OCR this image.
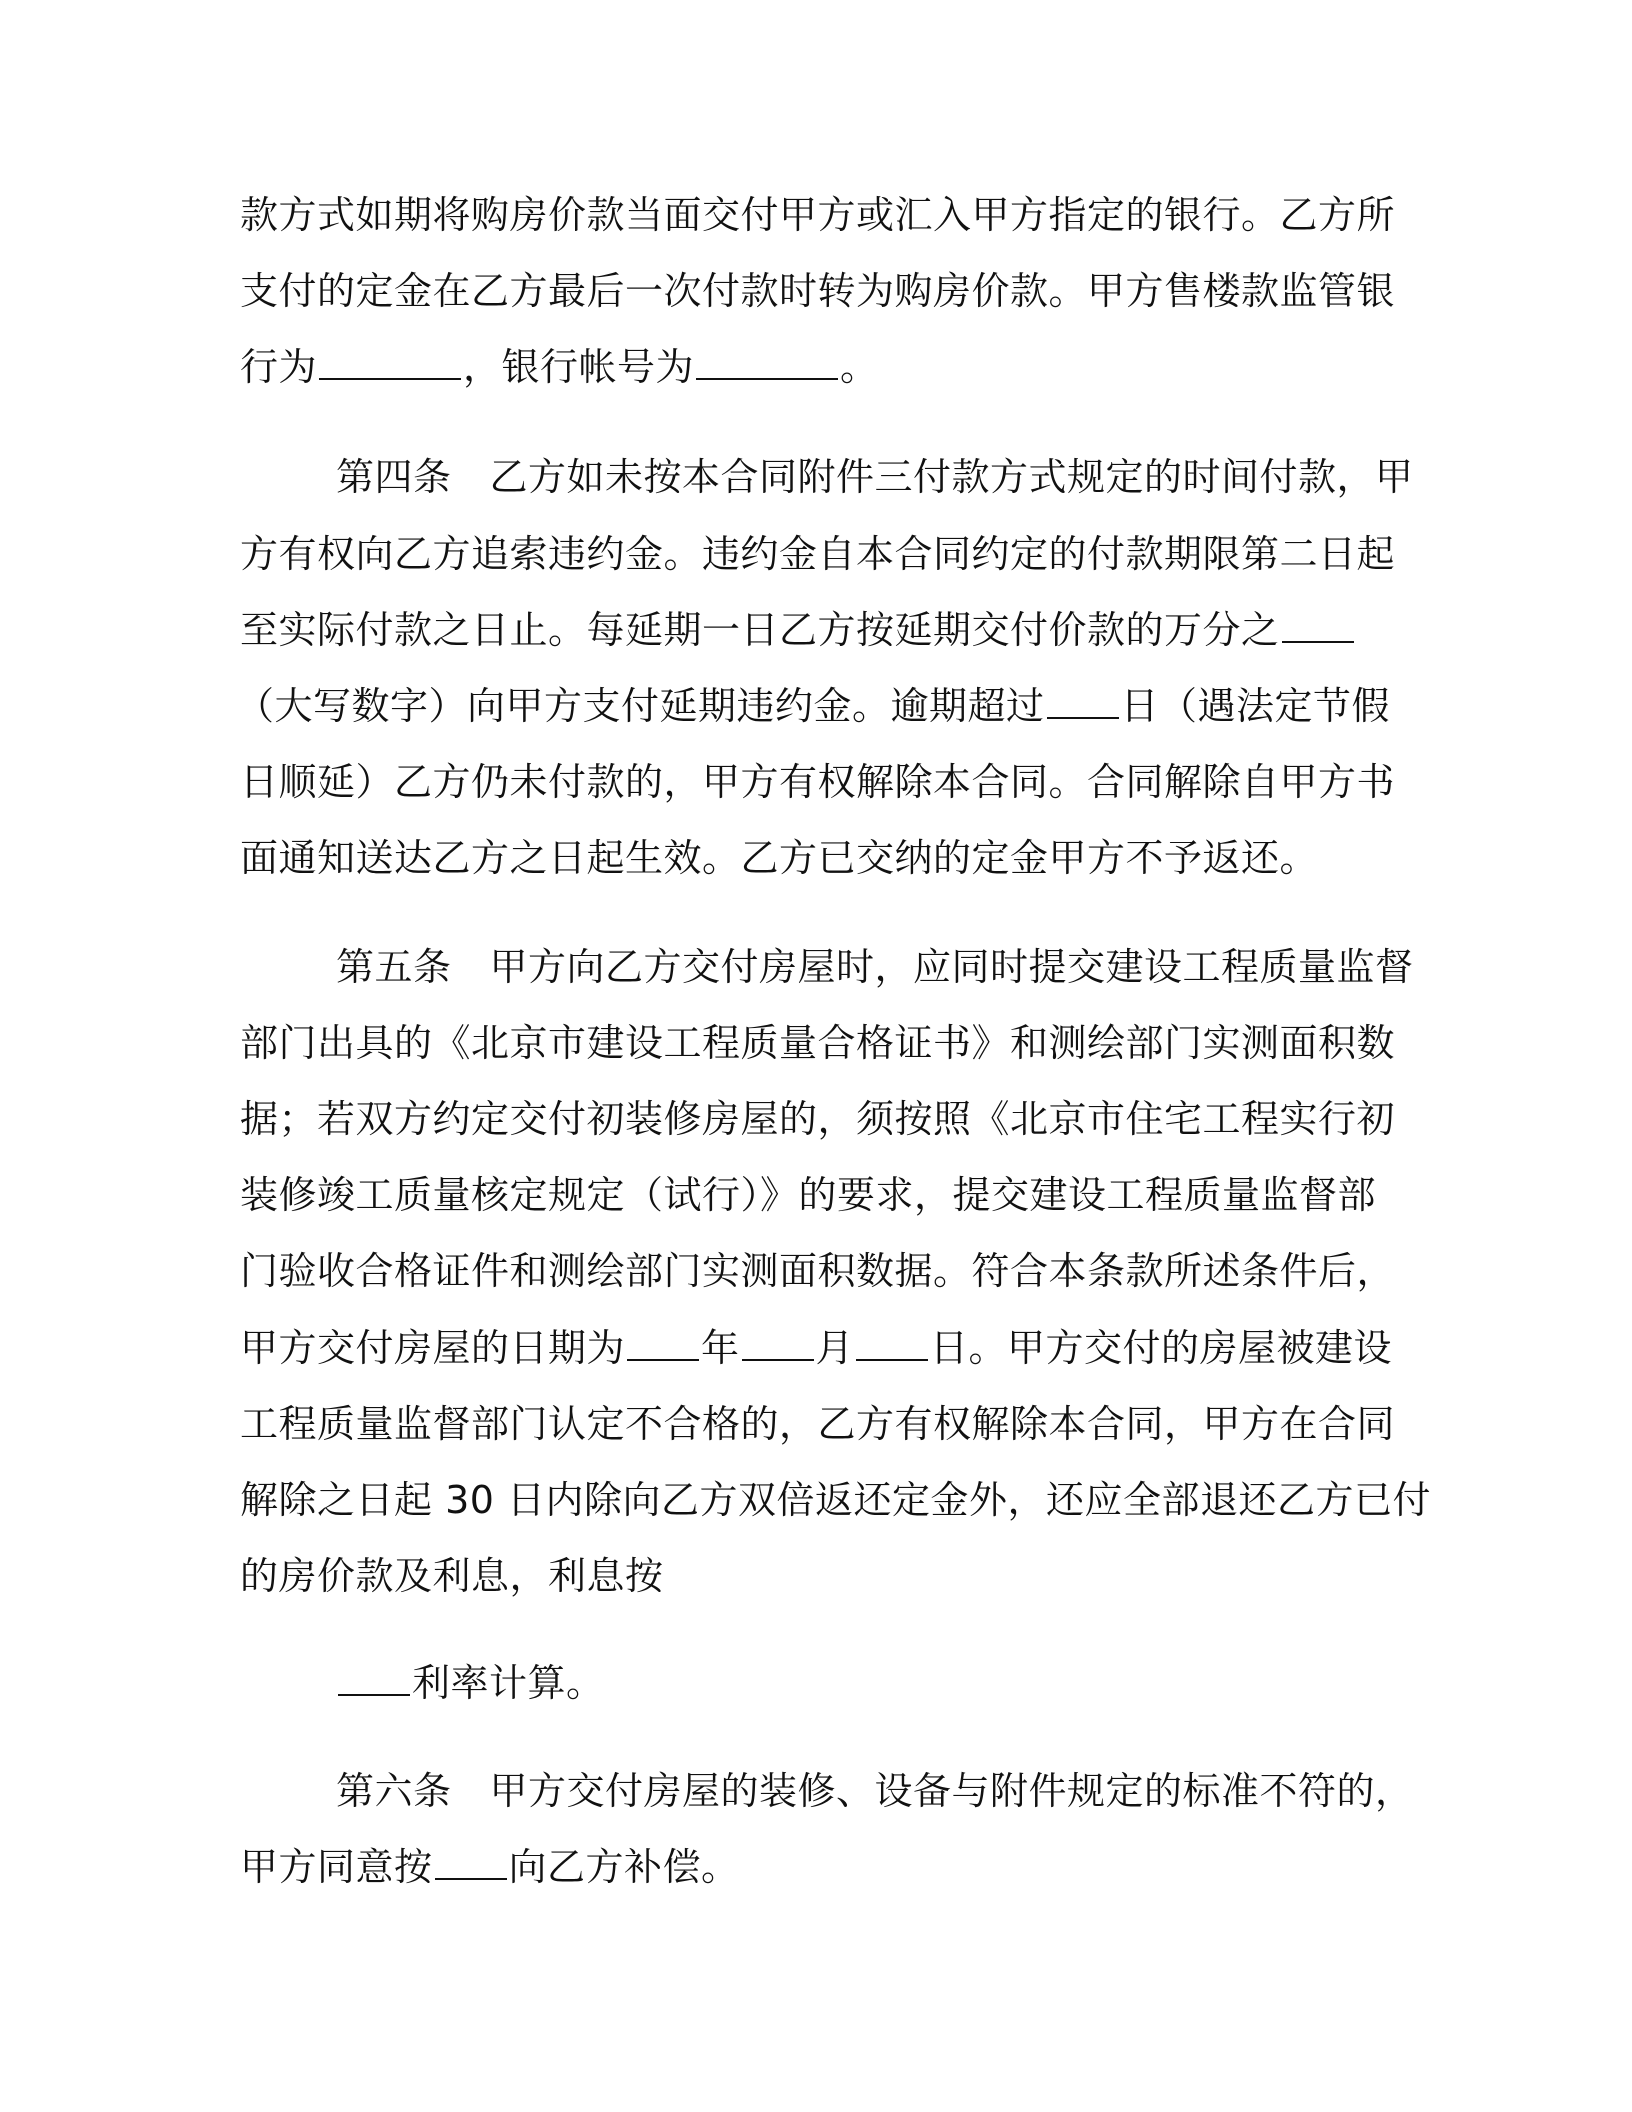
款方式如期将购房价款当面交付甲方或汇入甲方指定的银行。乙方所
支付的定金在乙方最后一次付款时转为购房价款。甲方售楼款监管银
行为	，银行帐号为	。
第四条 乙方如未按本合同附件三付款方式规定的时间付款，甲
方有权向乙方追索违约金。违约金自本合同约定的付款期限第二日起
至实际付款之日止。每延期一日乙方按延期交付价款的万分之
（大写数字）向甲方支付延期违约金。逾期超过 日（遇法定节假
日顺延）乙方仍未付款的，甲方有权解除本合同。合同解除自甲方书
面通知送达乙方之日起生效。乙方已交纳的定金甲方不予返还。
第五条 甲方向乙方交付房屋时，应同时提交建设工程质量监督
部门出具的《北京市建设工程质量合格证书》和测绘部门实测面积数
据；若双方约定交付初装修房屋的，须按照《北京市住宅工程实行初
装修竣工质量核定规定（试行）》的要求，提交建设工程质量监督部
门验收合格证件和测绘部门实测面积数据。符合本条款所述条件后，
甲方交付房屋的日期为 年 月 日。甲方交付的房屋被建设
工程质量监督部门认定不合格的，乙方有权解除本合同，甲方在合同
解除之日起 30 日内除向乙方双倍返还定金外，还应全部退还乙方已付
的房价款及利息，利息按
利率计算。
第六条 甲方交付房屋的装修、设备与附件规定的标准不符的，
甲方同意按 向乙方补偿。
